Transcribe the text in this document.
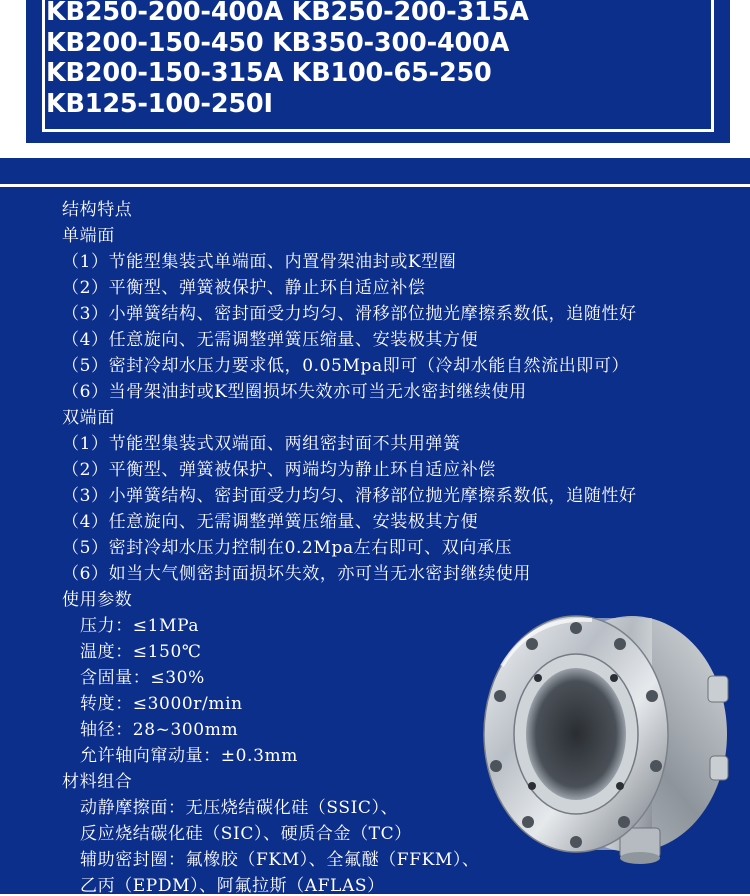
KB250-200-400A KB250-200-315A
KB200-150-450 KB350-300-400A
KB200-150-315A KB100-65-250
KB125-100-250I
结构特点
单端面
（1）节能型集装式单端面、内置骨架油封或K型圈
（2）平衡型、弹簧被保护、静止环自适应补偿
（3）小弹簧结构、密封面受力均匀、滑移部位抛光摩擦系数低，追随性好
（4）任意旋向、无需调整弹簧压缩量、安装极其方便
（5）密封冷却水压力要求低，0.05Mpa即可（冷却水能自然流出即可）
（6）当骨架油封或K型圈损坏失效亦可当无水密封继续使用
双端面
（1）节能型集装式双端面、两组密封面不共用弹簧
（2）平衡型、弹簧被保护、两端均为静止环自适应补偿
（3）小弹簧结构、密封面受力均匀、滑移部位抛光摩擦系数低，追随性好
（4）任意旋向、无需调整弹簧压缩量、安装极其方便
（5）密封冷却水压力控制在0.2Mpa左右即可、双向承压
（6）如当大气侧密封面损坏失效，亦可当无水密封继续使用
使用参数
压力：≤1MPa
温度：≤150℃
含固量：≤30%
转度：≤3000r/min
轴径：28~300mm
允许轴向窜动量：±0.3mm
材料组合
动静摩擦面：无压烧结碳化硅（SSIC）、
反应烧结碳化硅（SIC）、硬质合金（TC）
辅助密封圈：氟橡胶（FKM）、全氟醚（FFKM）、
乙丙（EPDM）、阿氟拉斯（AFLAS）
